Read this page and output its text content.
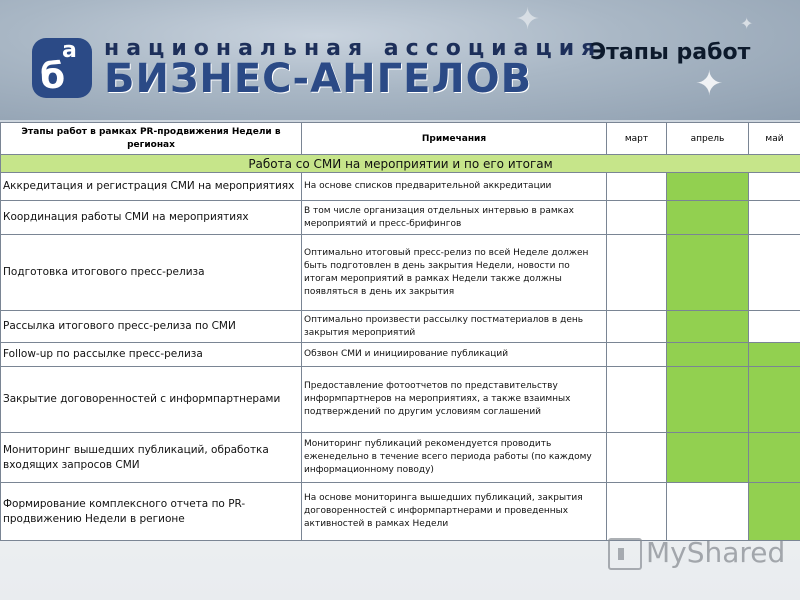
б
a национальная ассоциация
БИЗНЕС-АНГЕЛОВ
✦
✦
✦
Этапы работ
Этапы работ в рамках PR-продвижения Недели в регионах	Примечания	март	апрель	май
Работа со СМИ на мероприятии и по его итогам				
Аккредитация и регистрация СМИ на мероприятиях	На основе списков предварительной аккредитации			
Координация работы СМИ на мероприятиях	В том числе организация отдельных интервью в рамках мероприятий и пресс-брифингов			
Подготовка итогового пресс-релиза	Оптимально итоговый пресс-релиз по всей Неделе должен быть подготовлен в день закрытия Недели, новости по итогам мероприятий в рамках Недели также должны появляться в день их закрытия			
Рассылка итогового пресс-релиза по СМИ	Оптимально произвести рассылку постматериалов в день закрытия мероприятий			
Follow-up по рассылке пресс-релиза	Обзвон СМИ и инициирование публикаций			
Закрытие договоренностей с информпартнерами	Предоставление фотоотчетов по представительству информпартнеров на мероприятиях, а также взаимных подтверждений по другим условиям соглашений			
Мониторинг вышедших публикаций, обработка входящих запросов СМИ	Мониторинг публикаций рекомендуется проводить еженедельно в течение всего периода работы (по каждому информационному поводу)			
Формирование комплексного отчета по PR-продвижению Недели в регионе	На основе мониторинга вышедших публикаций, закрытия договоренностей с информпартнерами и проведенных активностей в рамках Недели			
MyShared
